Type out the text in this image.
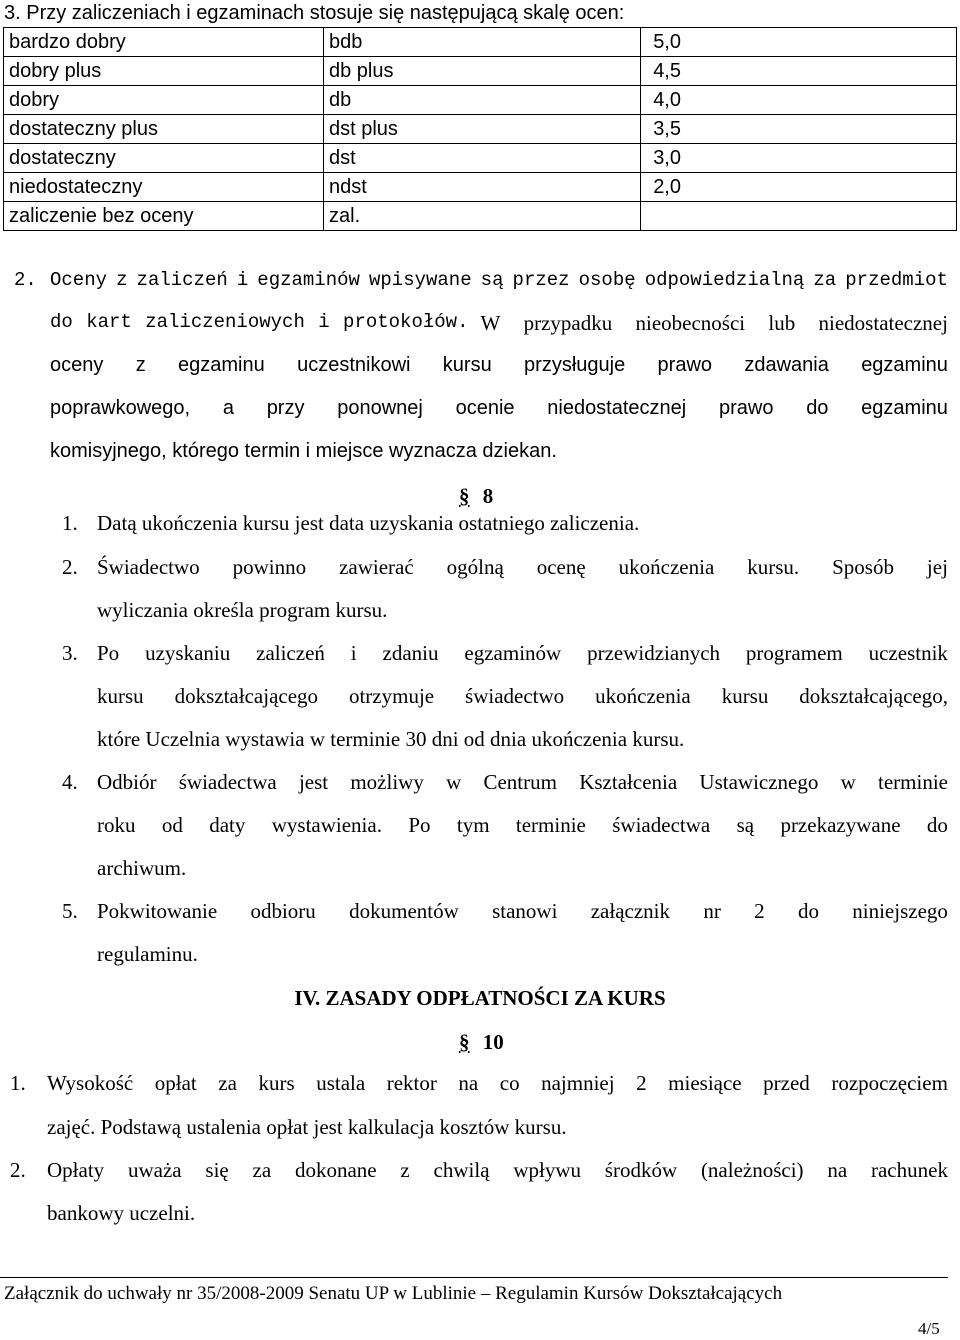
3. Przy zaliczeniach i egzaminach stosuje się następującą skalę ocen:
bardzo dobry	bdb	5,0
dobry plus	db plus	4,5
dobry	db	4,0
dostateczny plus	dst plus	3,5
dostateczny	dst	3,0
niedostateczny	ndst	2,0
zaliczenie bez oceny	zal.	
2. Oceny z zaliczeń i egzaminów wpisywane są przez osobę odpowiedzialną za przedmiot
do kart zaliczeniowych i protokołów. W przypadku nieobecności lub niedostatecznej
oceny z egzaminu uczestnikowi kursu przysługuje prawo zdawania egzaminu
poprawkowego, a przy ponownej ocenie niedostatecznej prawo do egzaminu
komisyjnego, którego termin i miejsce wyznacza dziekan.
§ 8
1. Datą ukończenia kursu jest data uzyskania ostatniego zaliczenia.
2. Świadectwo powinno zawierać ogólną ocenę ukończenia kursu. Sposób jej
wyliczania określa program kursu.
3. Po uzyskaniu zaliczeń i zdaniu egzaminów przewidzianych programem uczestnik
kursu dokształcającego otrzymuje świadectwo ukończenia kursu dokształcającego,
które Uczelnia wystawia w terminie 30 dni od dnia ukończenia kursu.
4. Odbiór świadectwa jest możliwy w Centrum Kształcenia Ustawicznego w terminie
roku od daty wystawienia. Po tym terminie świadectwa są przekazywane do
archiwum.
5. Pokwitowanie odbioru dokumentów stanowi załącznik nr 2 do niniejszego
regulaminu.
IV. ZASADY ODPŁATNOŚCI ZA KURS
§ 10
1. Wysokość opłat za kurs ustala rektor na co najmniej 2 miesiące przed rozpoczęciem
zajęć. Podstawą ustalenia opłat jest kalkulacja kosztów kursu.
2. Opłaty uważa się za dokonane z chwilą wpływu środków (należności) na rachunek
bankowy uczelni.
Załącznik do uchwały nr 35/2008-2009 Senatu UP w Lublinie – Regulamin Kursów Dokształcających
4/5
